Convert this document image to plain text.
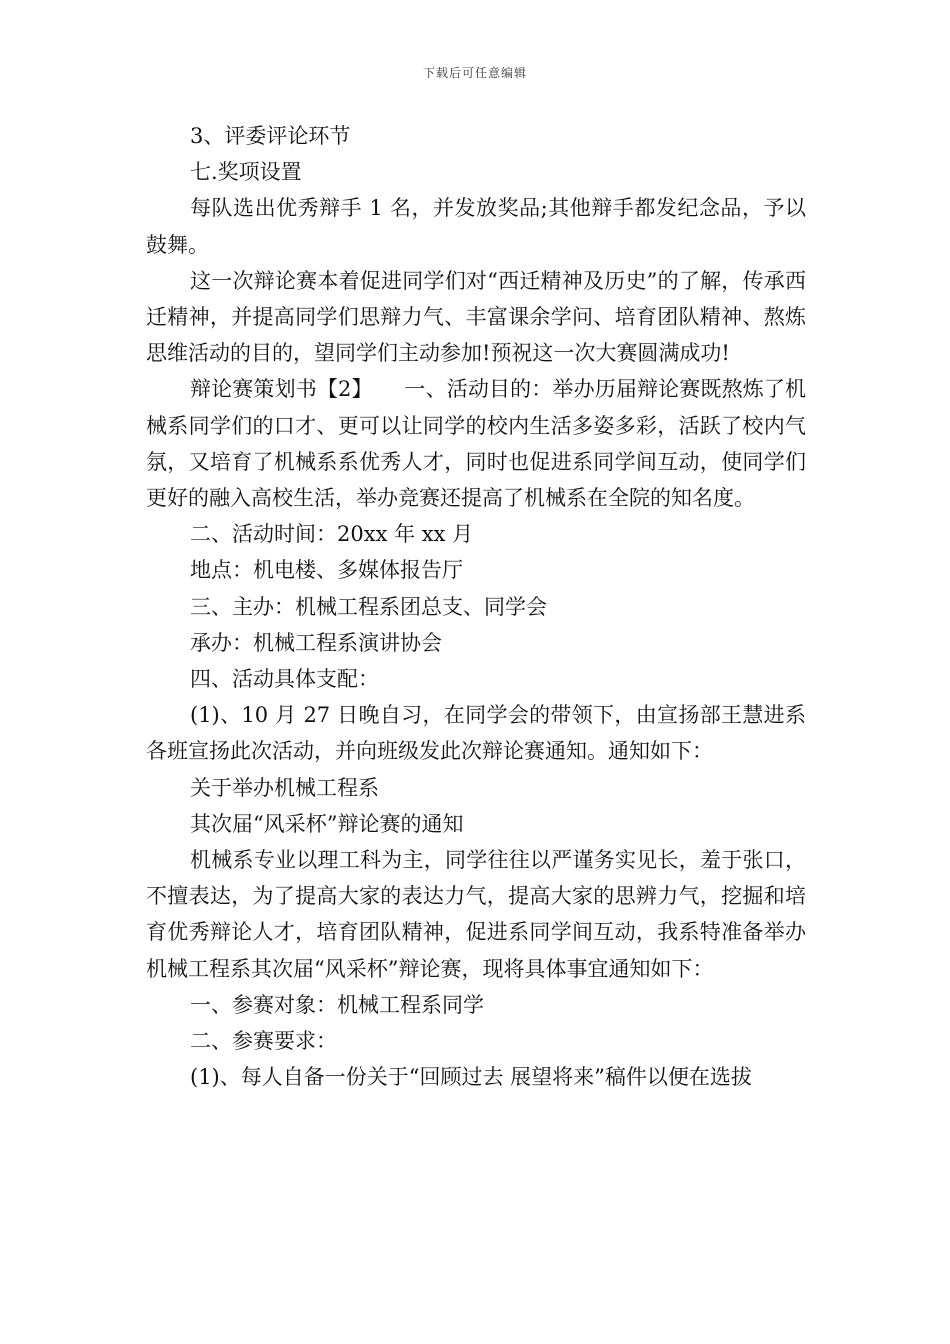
下载后可任意编辑

3、评委评论环节

七.奖项设置

每队选出优秀辩手 1 名，并发放奖品;其他辩手都发纪念品，予以鼓舞。

这一次辩论赛本着促进同学们对“西迁精神及历史”的了解，传承西迁精神，并提高同学们思辩力气、丰富课余学问、培育团队精神、熬炼思维活动的目的，望同学们主动参加!预祝这一次大赛圆满成功!

辩论赛策划书【2】　　一、活动目的：举办历届辩论赛既熬炼了机械系同学们的口才、更可以让同学的校内生活多姿多彩，活跃了校内气氛，又培育了机械系系优秀人才，同时也促进系同学间互动，使同学们更好的融入高校生活，举办竞赛还提高了机械系在全院的知名度。

二、活动时间：20xx 年 xx 月

地点：机电楼、多媒体报告厅

三、主办：机械工程系团总支、同学会

承办：机械工程系演讲协会

四、活动具体支配：

(1)、10 月 27 日晚自习，在同学会的带领下，由宣扬部王慧进系各班宣扬此次活动，并向班级发此次辩论赛通知。通知如下：

关于举办机械工程系

其次届“风采杯”辩论赛的通知

机械系专业以理工科为主，同学往往以严谨务实见长，羞于张口，不擅表达，为了提高大家的表达力气，提高大家的思辨力气，挖掘和培育优秀辩论人才，培育团队精神，促进系同学间互动，我系特准备举办机械工程系其次届“风采杯”辩论赛，现将具体事宜通知如下：

一、参赛对象：机械工程系同学

二、参赛要求：

(1)、每人自备一份关于“回顾过去 展望将来”稿件以便在选拔
